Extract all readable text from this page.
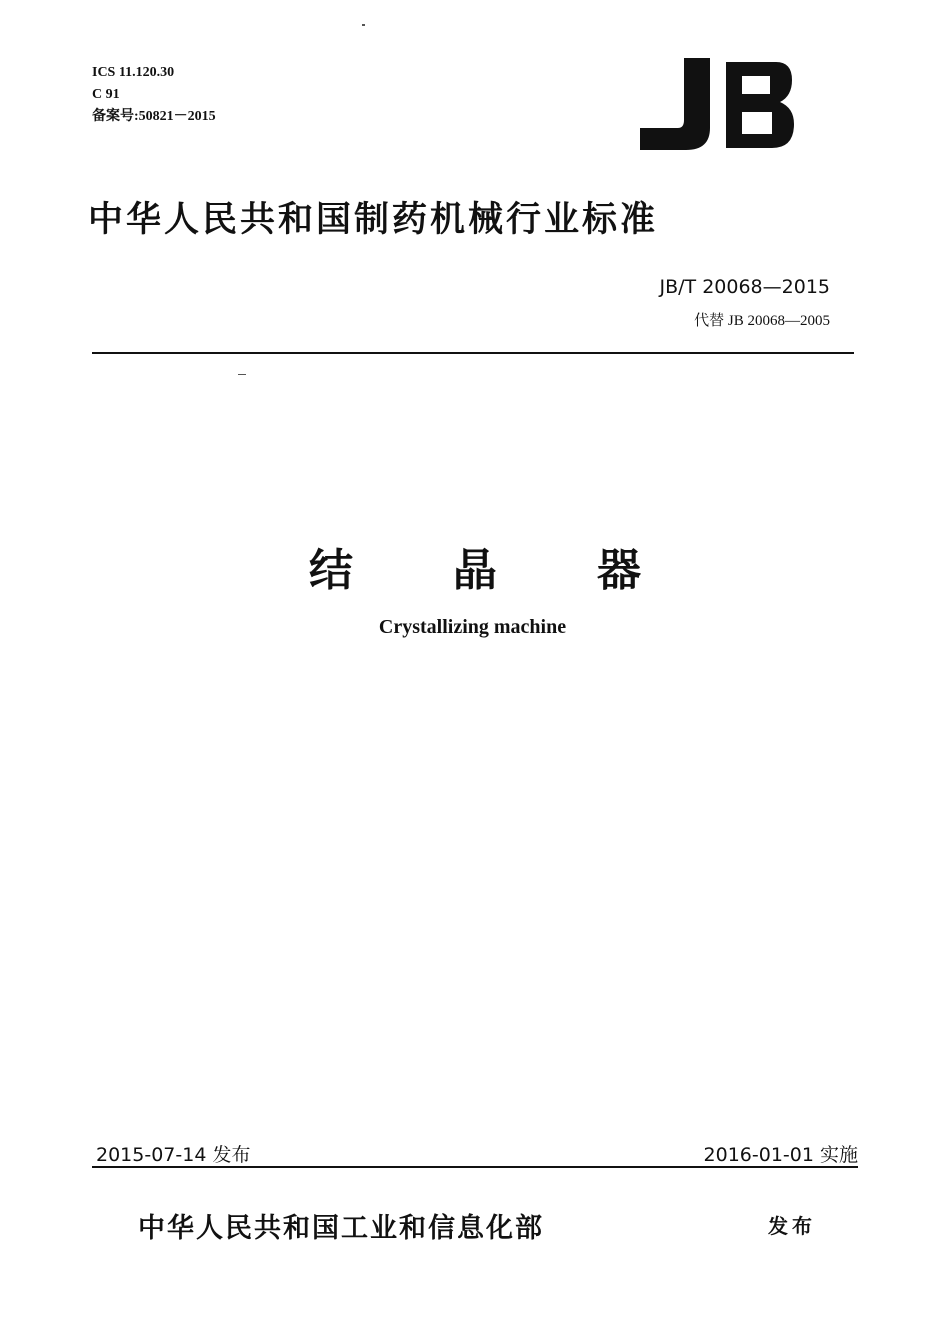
ICS 11.120.30
C 91
备案号:50821－2015
中华人民共和国制药机械行业标准
JB/T 20068—2015
代替 JB 20068—2005
结晶器
Crystallizing machine
2015-07-14 发布	2016-01-01 实施
中华人民共和国工业和信息化部	发布
